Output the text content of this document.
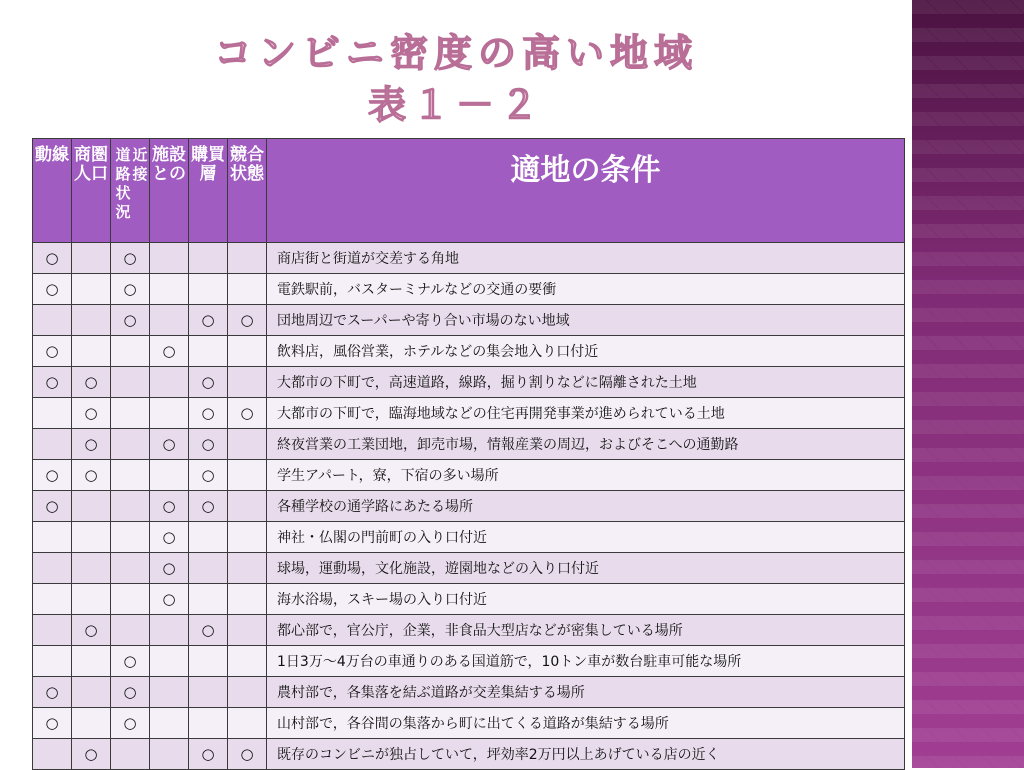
コンビニ密度の高い地域
表１－２
動線	商圏人口	道路状況近接	施設との	購買層	競合状態	適地の条件

○		○				商店街と街道が交差する角地
○		○				電鉄駅前，バスターミナルなどの交通の要衝
		○		○	○	団地周辺でスーパーや寄り合い市場のない地域
○			○			飲料店，風俗営業，ホテルなどの集会地入り口付近
○	○			○		大都市の下町で，高速道路，線路，掘り割りなどに隔離された土地
	○			○	○	大都市の下町で，臨海地域などの住宅再開発事業が進められている土地
	○		○	○		終夜営業の工業団地，卸売市場，情報産業の周辺，およびそこへの通勤路
○	○			○		学生アパート，寮，下宿の多い場所
○			○	○		各種学校の通学路にあたる場所
			○			神社・仏閣の門前町の入り口付近
			○			球場，運動場，文化施設，遊園地などの入り口付近
			○			海水浴場，スキー場の入り口付近
	○			○		都心部で，官公庁，企業，非食品大型店などが密集している場所
		○				1日3万～4万台の車通りのある国道筋で，10トン車が数台駐車可能な場所
○		○				農村部で，各集落を結ぶ道路が交差集結する場所
○		○				山村部で，各谷間の集落から町に出てくる道路が集結する場所
	○			○	○	既存のコンビニが独占していて，坪効率2万円以上あげている店の近く
